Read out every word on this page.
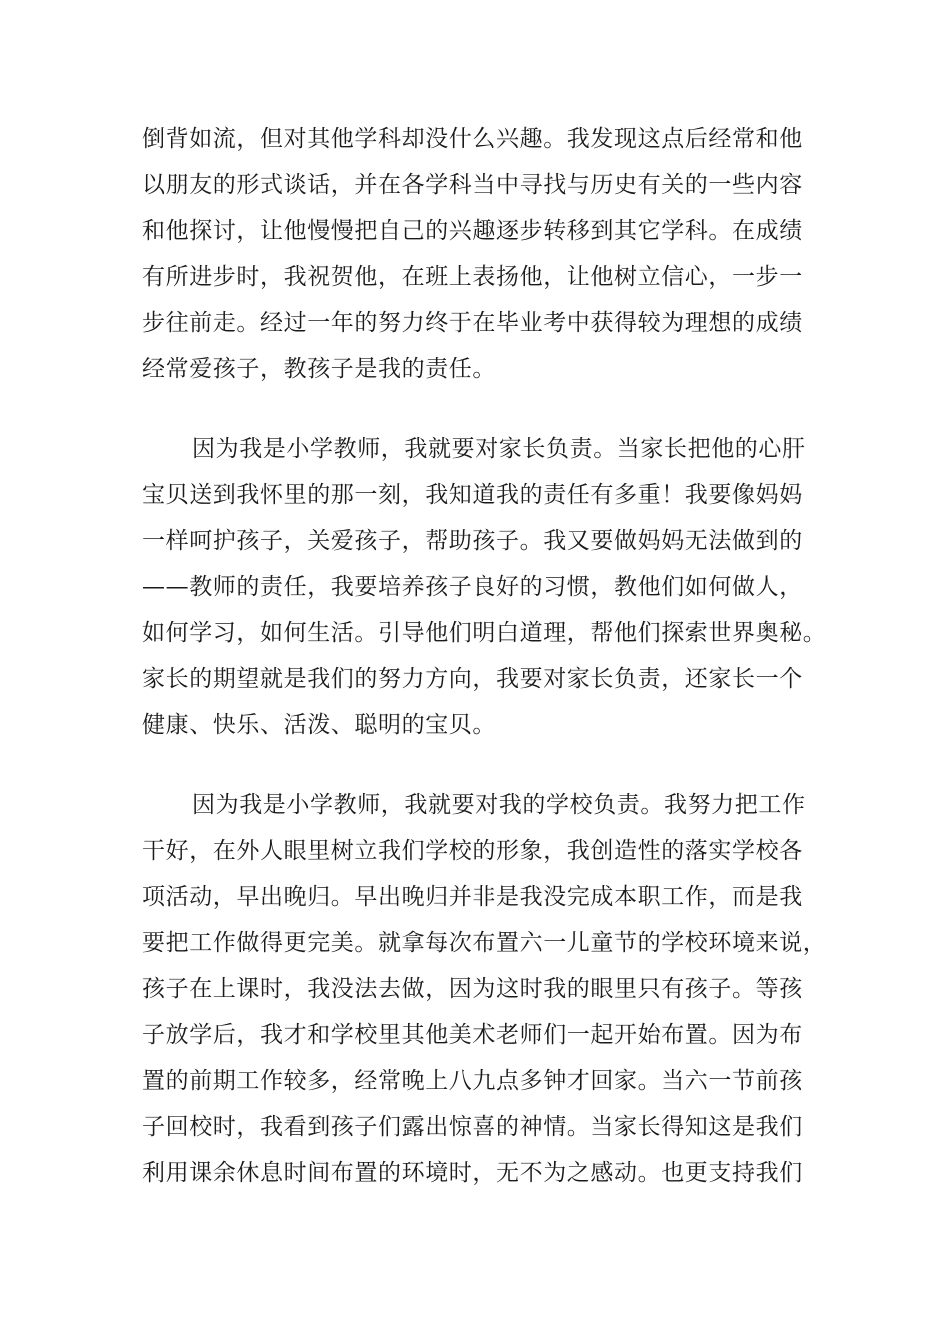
倒背如流，但对其他学科却没什么兴趣。我发现这点后经常和他
以朋友的形式谈话，并在各学科当中寻找与历史有关的一些内容
和他探讨，让他慢慢把自己的兴趣逐步转移到其它学科。在成绩
有所进步时，我祝贺他，在班上表扬他，让他树立信心，一步一
步往前走。经过一年的努力终于在毕业考中获得较为理想的成绩
经常爱孩子，教孩子是我的责任。
因为我是小学教师，我就要对家长负责。当家长把他的心肝
宝贝送到我怀里的那一刻，我知道我的责任有多重！我要像妈妈
一样呵护孩子，关爱孩子，帮助孩子。我又要做妈妈无法做到的
——教师的责任，我要培养孩子良好的习惯，教他们如何做人，
如何学习，如何生活。引导他们明白道理，帮他们探索世界奥秘。
家长的期望就是我们的努力方向，我要对家长负责，还家长一个
健康、快乐、活泼、聪明的宝贝。
因为我是小学教师，我就要对我的学校负责。我努力把工作
干好，在外人眼里树立我们学校的形象，我创造性的落实学校各
项活动，早出晚归。早出晚归并非是我没完成本职工作，而是我
要把工作做得更完美。就拿每次布置六一儿童节的学校环境来说，
孩子在上课时，我没法去做，因为这时我的眼里只有孩子。等孩
子放学后，我才和学校里其他美术老师们一起开始布置。因为布
置的前期工作较多，经常晚上八九点多钟才回家。当六一节前孩
子回校时，我看到孩子们露出惊喜的神情。当家长得知这是我们
利用课余休息时间布置的环境时，无不为之感动。也更支持我们
